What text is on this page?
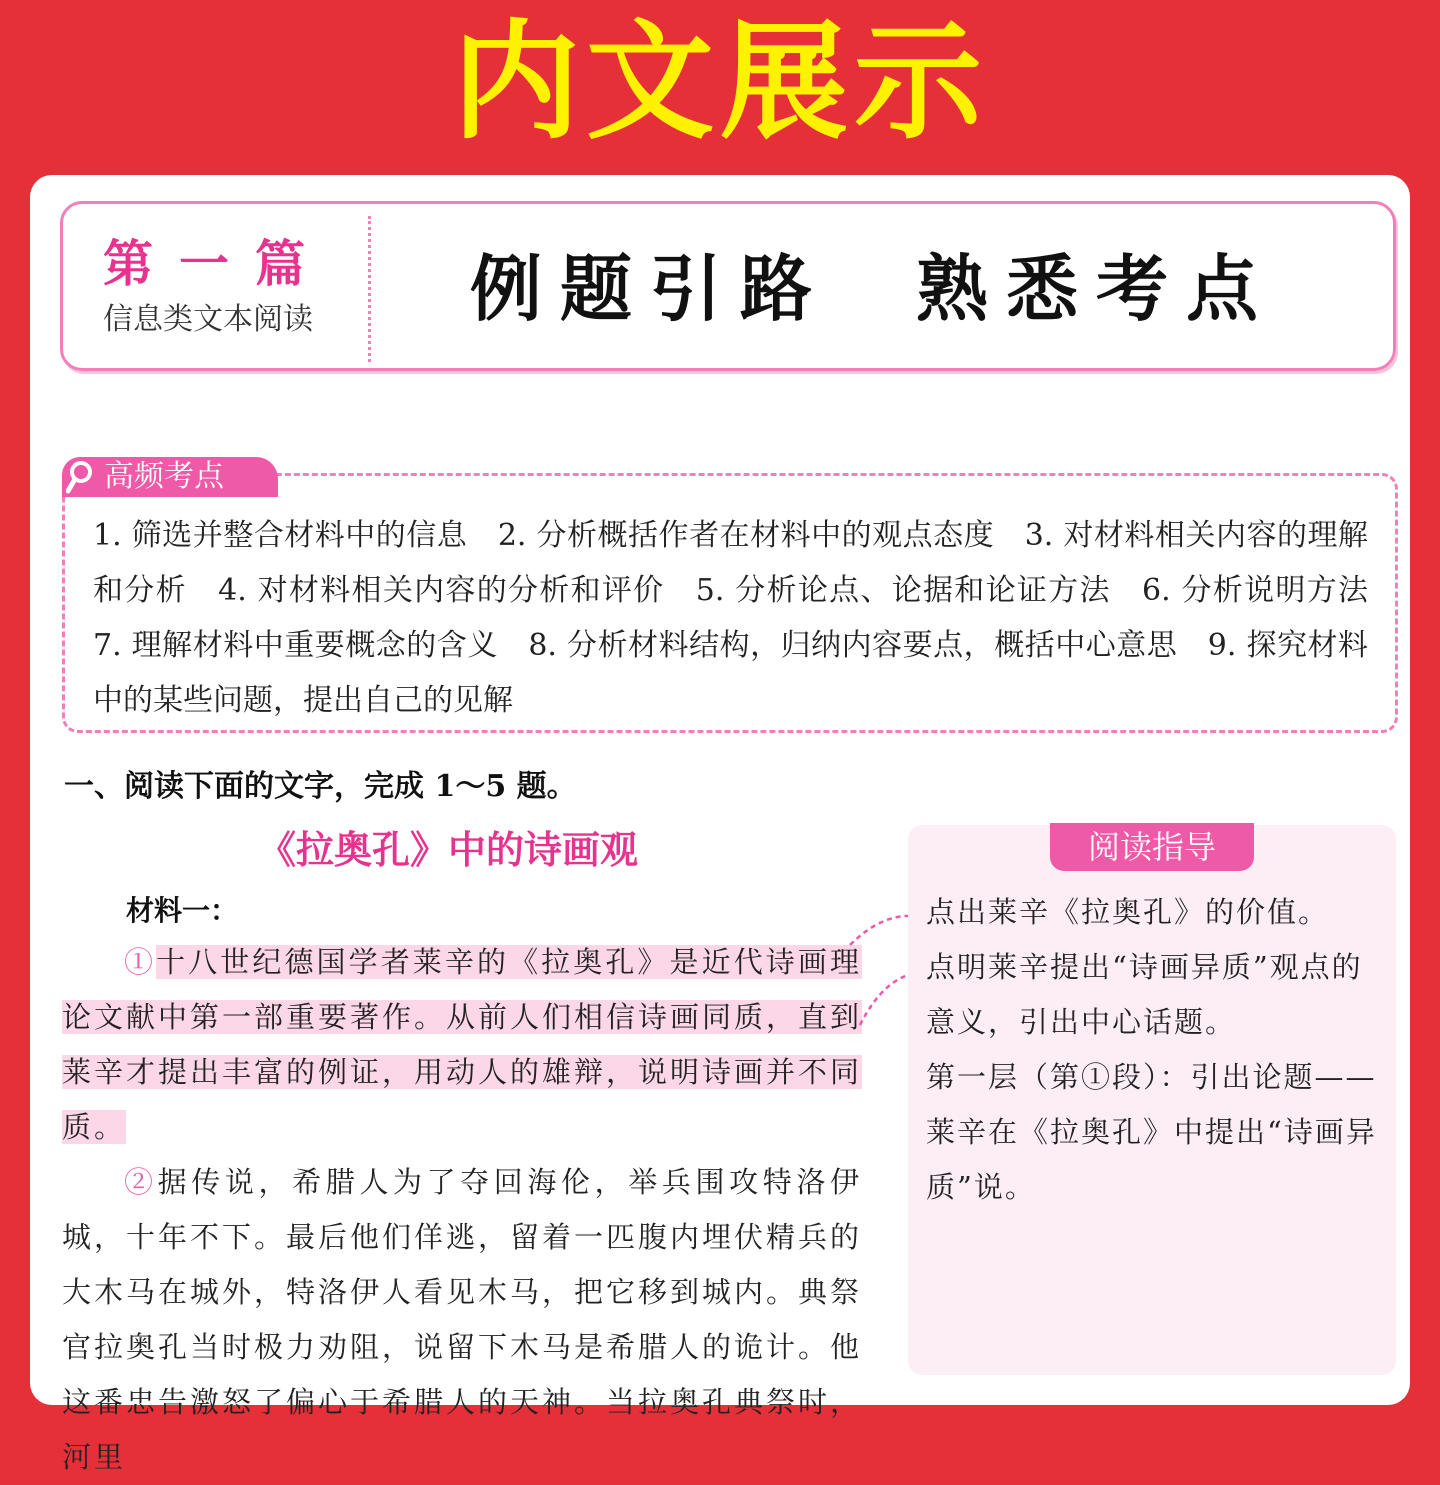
内文展示
第一篇
信息类文本阅读	例题引路  熟悉考点
1. 筛选并整合材料中的信息　2. 分析概括作者在材料中的观点态度　3. 对材料相关内容的理解和分析　4. 对材料相关内容的分析和评价　5. 分析论点、论据和论证方法　6. 分析说明方法　7. 理解材料中重要概念的含义　8. 分析材料结构，归纳内容要点，概括中心意思　9. 探究材料中的某些问题，提出自己的见解
高频考点
一、阅读下面的文字，完成 1～5 题。
《拉奥孔》中的诗画观
材料一：

①十八世纪德国学者莱辛的《拉奥孔》是近代诗画理论文献中第一部重要著作。从前人们相信诗画同质，直到莱辛才提出丰富的例证，用动人的雄辩，说明诗画并不同质。

②据传说，希腊人为了夺回海伦，举兵围攻特洛伊城，十年不下。最后他们佯逃，留着一匹腹内埋伏精兵的大木马在城外，特洛伊人看见木马，把它移到城内。典祭官拉奥孔当时极力劝阻，说留下木马是希腊人的诡计。他这番忠告激怒了偏心于希腊人的天神。当拉奥孔典祭时，河里

阅读指导
点出莱辛《拉奥孔》的价值。
点明莱辛提出“诗画异质”观点的意义，引出中心话题。
第一层（第①段）：引出论题——莱辛在《拉奥孔》中提出“诗画异质”说。
